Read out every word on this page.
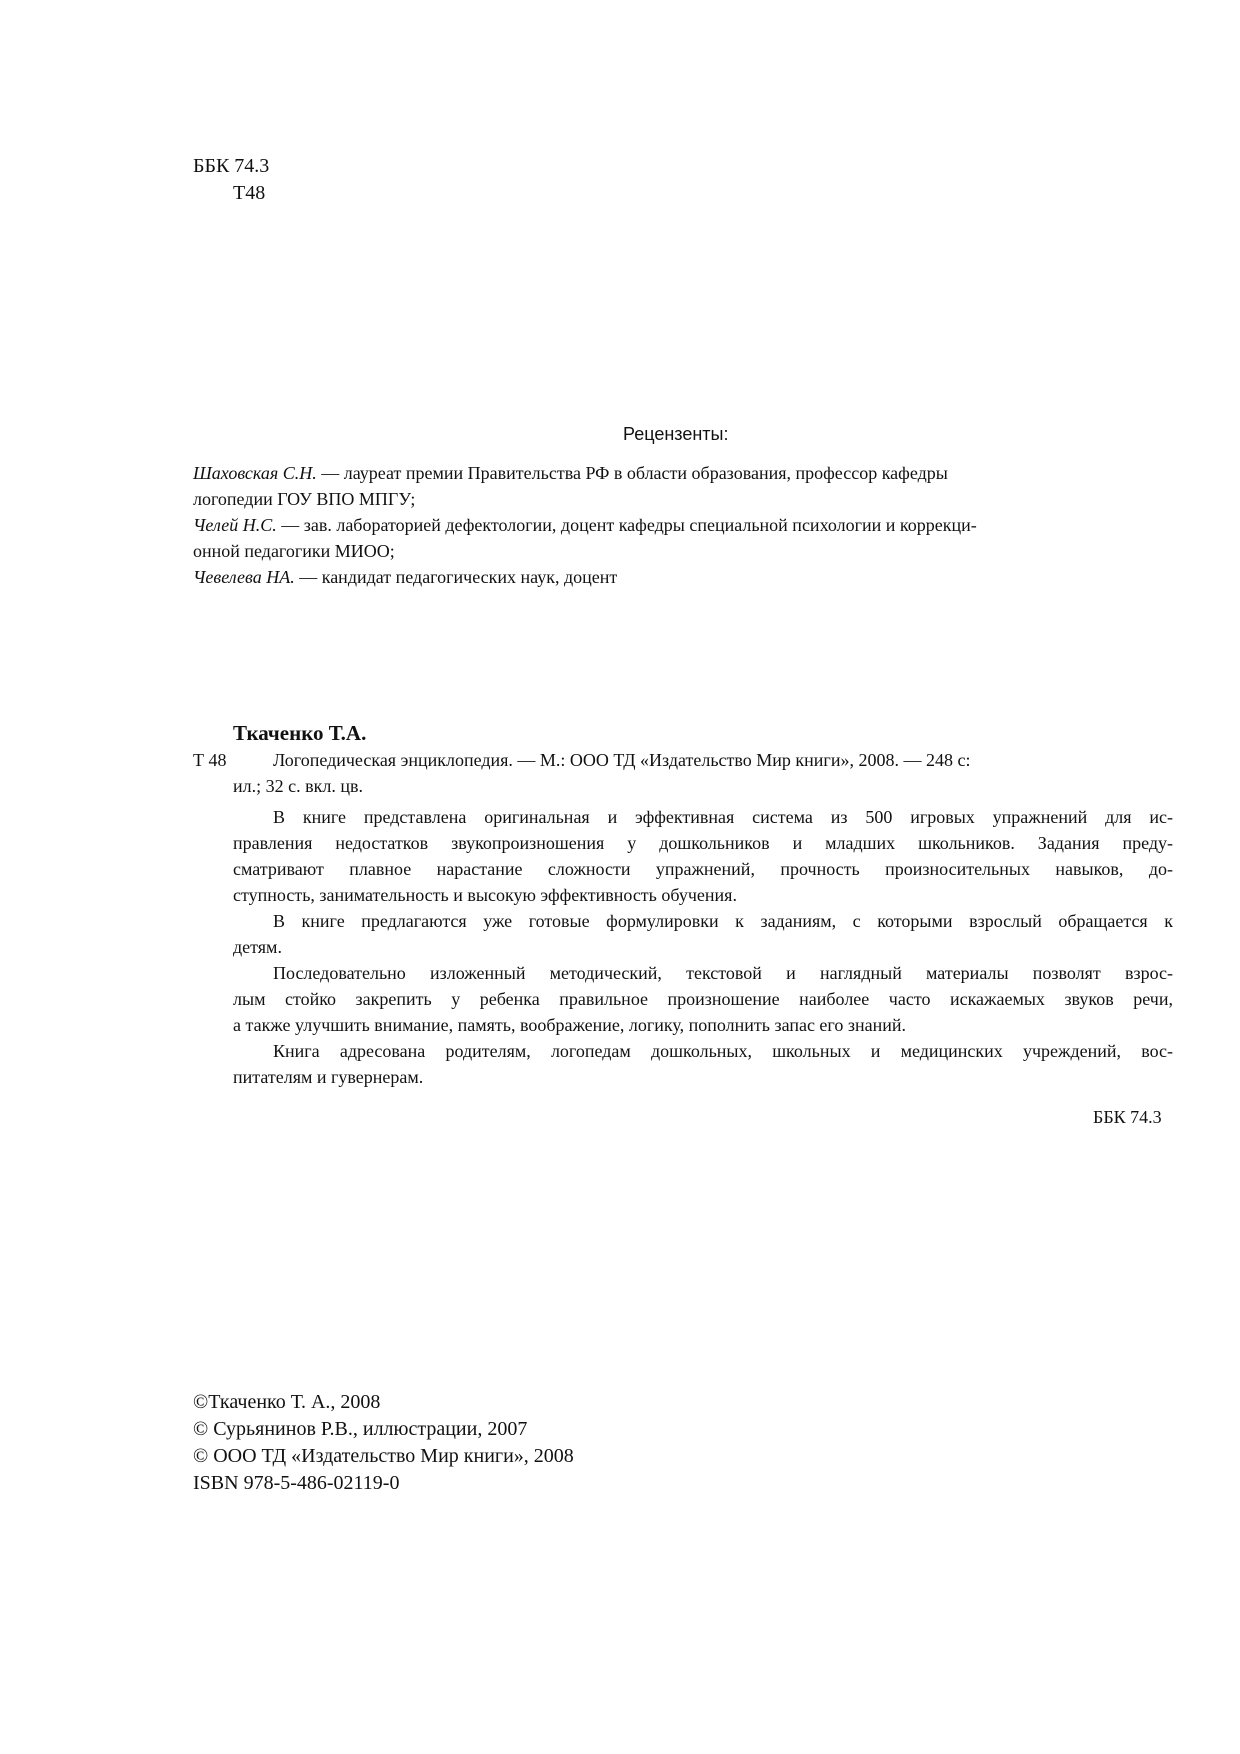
ББК 74.3
Т48
Рецензенты:
Шаховская С.Н. — лауреат премии Правительства РФ в области образования, профессор кафедры
логопедии ГОУ ВПО МПГУ;
Челей Н.С. — зав. лабораторией дефектологии, доцент кафедры специальной психологии и коррекци-
онной педагогики МИОО;
Чевелева НА. — кандидат педагогических наук, доцент
Ткаченко Т.А.
Т 48	Логопедическая энциклопедия. — М.: ООО ТД «Издательство Мир книги», 2008. — 248 с:
ил.; 32 с. вкл. цв.
В книге представлена оригинальная и эффективная система из 500 игровых упражнений для ис-
правления недостатков звукопроизношения у дошкольников и младших школьников. Задания преду-
сматривают плавное нарастание сложности упражнений, прочность произносительных навыков, до-
ступность, занимательность и высокую эффективность обучения.
В книге предлагаются уже готовые формулировки к заданиям, с которыми взрослый обращается к
детям.
Последовательно изложенный методический, текстовой и наглядный материалы позволят взрос-
лым стойко закрепить у ребенка правильное произношение наиболее часто искажаемых звуков речи,
а также улучшить внимание, память, воображение, логику, пополнить запас его знаний.
Книга адресована родителям, логопедам дошкольных, школьных и медицинских учреждений, вос-
питателям и гувернерам.
ББК 74.3
©Ткаченко Т. А., 2008
© Сурьянинов Р.В., иллюстрации, 2007
© ООО ТД «Издательство Мир книги», 2008
ISBN 978-5-486-02119-0
